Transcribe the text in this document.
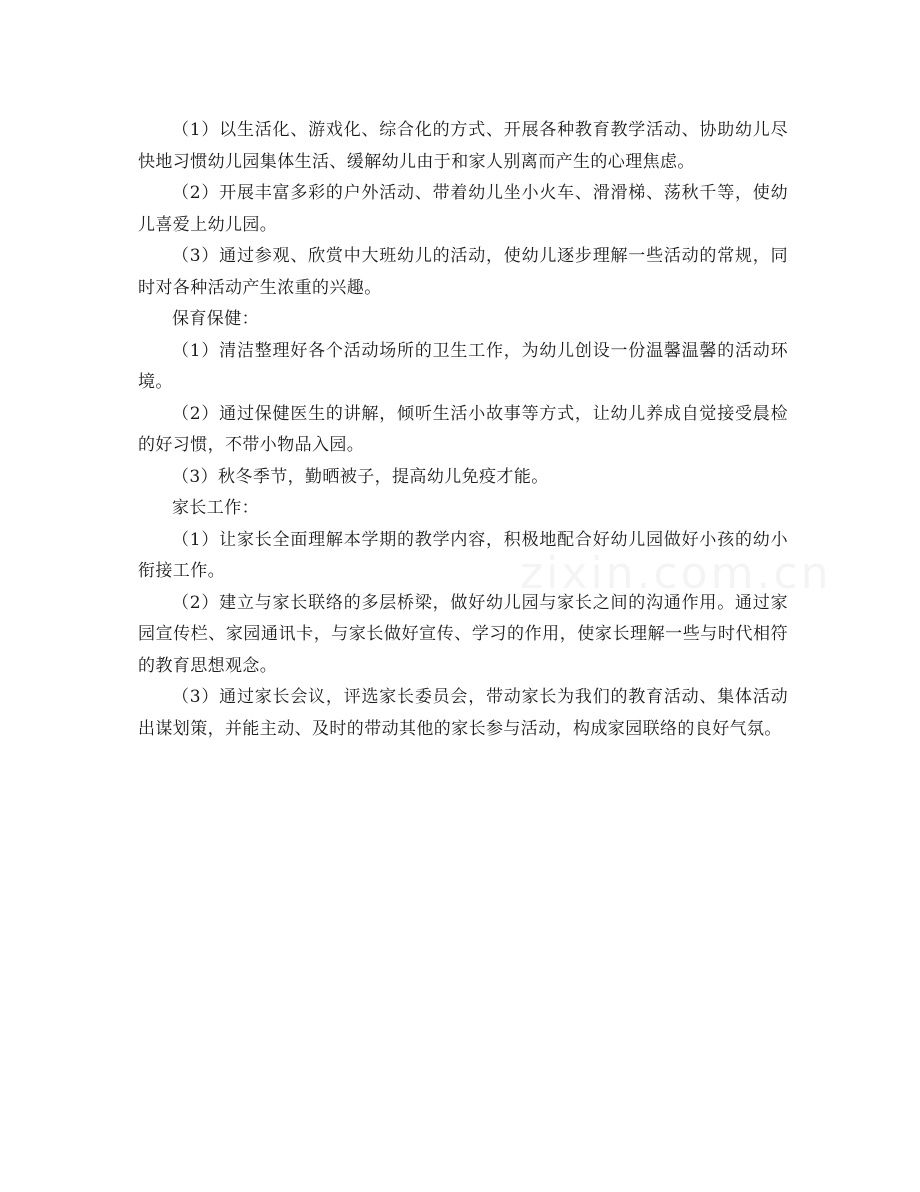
（1）以生活化、游戏化、综合化的方式、开展各种教育教学活动、协助幼儿尽快地习惯幼儿园集体生活、缓解幼儿由于和家人别离而产生的心理焦虑。

（2）开展丰富多彩的户外活动、带着幼儿坐小火车、滑滑梯、荡秋千等，使幼儿喜爱上幼儿园。

（3）通过参观、欣赏中大班幼儿的活动，使幼儿逐步理解一些活动的常规，同时对各种活动产生浓重的兴趣。

保育保健：

（1）清洁整理好各个活动场所的卫生工作，为幼儿创设一份温馨温馨的活动环境。

（2）通过保健医生的讲解，倾听生活小故事等方式，让幼儿养成自觉接受晨检的好习惯，不带小物品入园。

（3）秋冬季节，勤晒被子，提高幼儿免疫才能。

家长工作：

（1）让家长全面理解本学期的教学内容，积极地配合好幼儿园做好小孩的幼小衔接工作。

（2）建立与家长联络的多层桥梁，做好幼儿园与家长之间的沟通作用。通过家园宣传栏、家园通讯卡，与家长做好宣传、学习的作用，使家长理解一些与时代相符的教育思想观念。

（3）通过家长会议，评选家长委员会，带动家长为我们的教育活动、集体活动出谋划策，并能主动、及时的带动其他的家长参与活动，构成家园联络的良好气氛。
